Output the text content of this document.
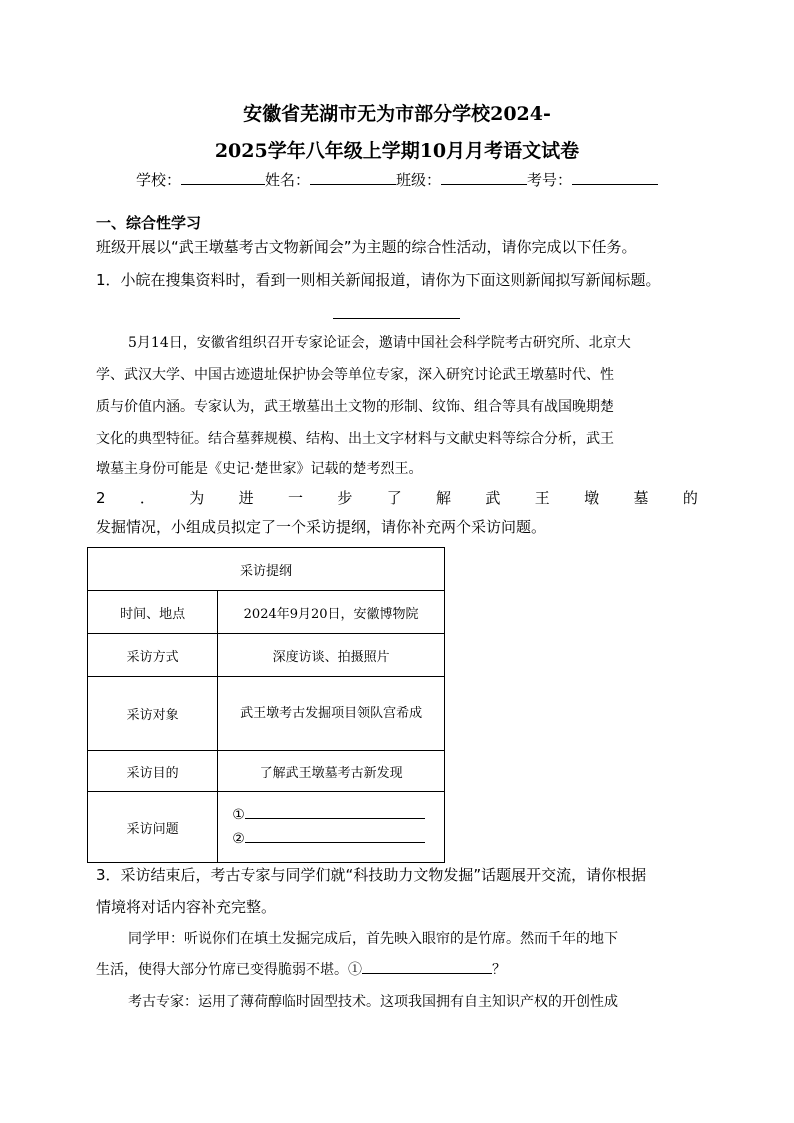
安徽省芜湖市无为市部分学校2024-
2025学年八年级上学期10月月考语文试卷
学校：	姓名：	班级：	考号：
一、综合性学习
班级开展以“武王墩墓考古文物新闻会”为主题的综合性活动，请你完成以下任务。
1．小皖在搜集资料时，看到一则相关新闻报道，请你为下面这则新闻拟写新闻标题。
5月14日，安徽省组织召开专家论证会，邀请中国社会科学院考古研究所、北京大
学、武汉大学、中国古迹遗址保护协会等单位专家，深入研究讨论武王墩墓时代、性
质与价值内涵。专家认为，武王墩墓出土文物的形制、纹饰、组合等具有战国晚期楚
文化的典型特征。结合墓葬规模、结构、出土文字材料与文献史料等综合分析，武王
墩墓主身份可能是《史记·楚世家》记载的楚考烈王。
2 ． 为 进 一 步 了 解 武 王 墩 墓 的
发掘情况，小组成员拟定了一个采访提纲，请你补充两个采访问题。
采访提纲	
时间、地点	2024年9月20日，安徽博物院
采访方式	深度访谈、拍摄照片
采访对象	武王墩考古发掘项目领队宫希成
采访目的	了解武王墩墓考古新发现
采访问题	①
②
3．采访结束后，考古专家与同学们就“科技助力文物发掘”话题展开交流，请你根据
情境将对话内容补充完整。
同学甲：听说你们在填土发掘完成后，首先映入眼帘的是竹席。然而千年的地下
生活，使得大部分竹席已变得脆弱不堪。①	？
考古专家：运用了薄荷醇临时固型技术。这项我国拥有自主知识产权的开创性成
